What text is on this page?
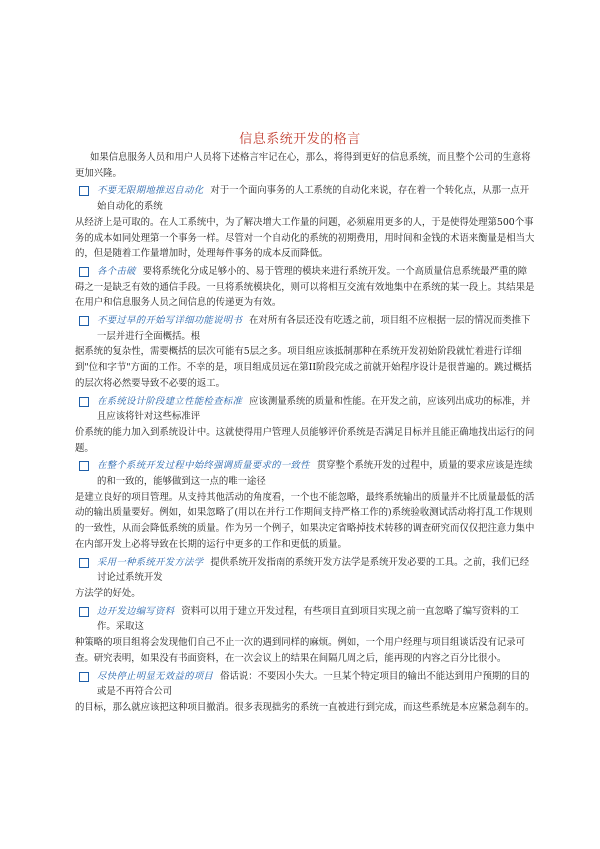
信息系统开发的格言

如果信息服务人员和用户人员将下述格言牢记在心，那么，将得到更好的信息系统，而且整个公司的生意将更加兴隆。

不要无限期地推迟自动化 对于一个面向事务的人工系统的自动化来说，存在着一个转化点，从那一点开始自动化的系统

从经济上是可取的。在人工系统中，为了解决增大工作量的问题，必须雇用更多的人，于是使得处理第500个事务的成本如同处理第一个事务一样。尽管对一个自动化的系统的初期费用，用时间和金钱的术语来衡量是相当大的，但是随着工作量增加时，处理每件事务的成本反而降低。

各个击破 要将系统化分成足够小的、易于管理的模块来进行系统开发。一个高质量信息系统最严重的障

碍之一是缺乏有效的通信手段。一旦将系统模块化，则可以将相互交流有效地集中在系统的某一段上。其结果是在用户和信息服务人员之间信息的传递更为有效。

不要过早的开始写详细功能说明书 在对所有各层还没有吃透之前，项目组不应根据一层的情况而类推下一层并进行全面概括。根

据系统的复杂性，需要概括的层次可能有5层之多。项目组应该抵制那种在系统开发初始阶段就忙着进行详细到"位和字节"方面的工作。不幸的是，项目组成员远在第II阶段完成之前就开始程序设计是很普遍的。跳过概括的层次将必然要导致不必要的返工。

在系统设计阶段建立性能检查标准 应该测量系统的质量和性能。在开发之前，应该列出成功的标准，并且应该将针对这些标准评

价系统的能力加入到系统设计中。这就使得用户管理人员能够评价系统是否满足目标并且能正确地找出运行的问题。

在整个系统开发过程中始终强调质量要求的一致性 贯穿整个系统开发的过程中，质量的要求应该是连续的和一致的，能够做到这一点的唯一途径

是建立良好的项目管理。从支持其他活动的角度看，一个也不能忽略，最终系统输出的质量并不比质量最低的活动的输出质量要好。例如，如果忽略了(用以在并行工作期间支持严格工作的)系统验收测试活动将打乱工作规则的一致性，从而会降低系统的质量。作为另一个例子，如果决定省略掉技术转移的调查研究而仅仅把注意力集中在内部开发上必将导致在长期的运行中更多的工作和更低的质量。

采用一种系统开发方法学 提供系统开发指南的系统开发方法学是系统开发必要的工具。之前，我们已经讨论过系统开发

方法学的好处。

边开发边编写资料 资料可以用于建立开发过程，有些项目直到项目实现之前一直忽略了编写资料的工作。采取这

种策略的项目组将会发现他们自己不止一次的遇到同样的麻烦。例如，一个用户经理与项目组谈话没有记录可查。研究表明，如果没有书面资料，在一次会议上的结果在间隔几周之后，能再现的内容之百分比很小。

尽快停止明显无效益的项目 俗话说：不要因小失大。一旦某个特定项目的输出不能达到用户预期的目的或是不再符合公司

的目标，那么就应该把这种项目撤消。很多表现拙劣的系统一直被进行到完成，而这些系统是本应紧急刹车的。
